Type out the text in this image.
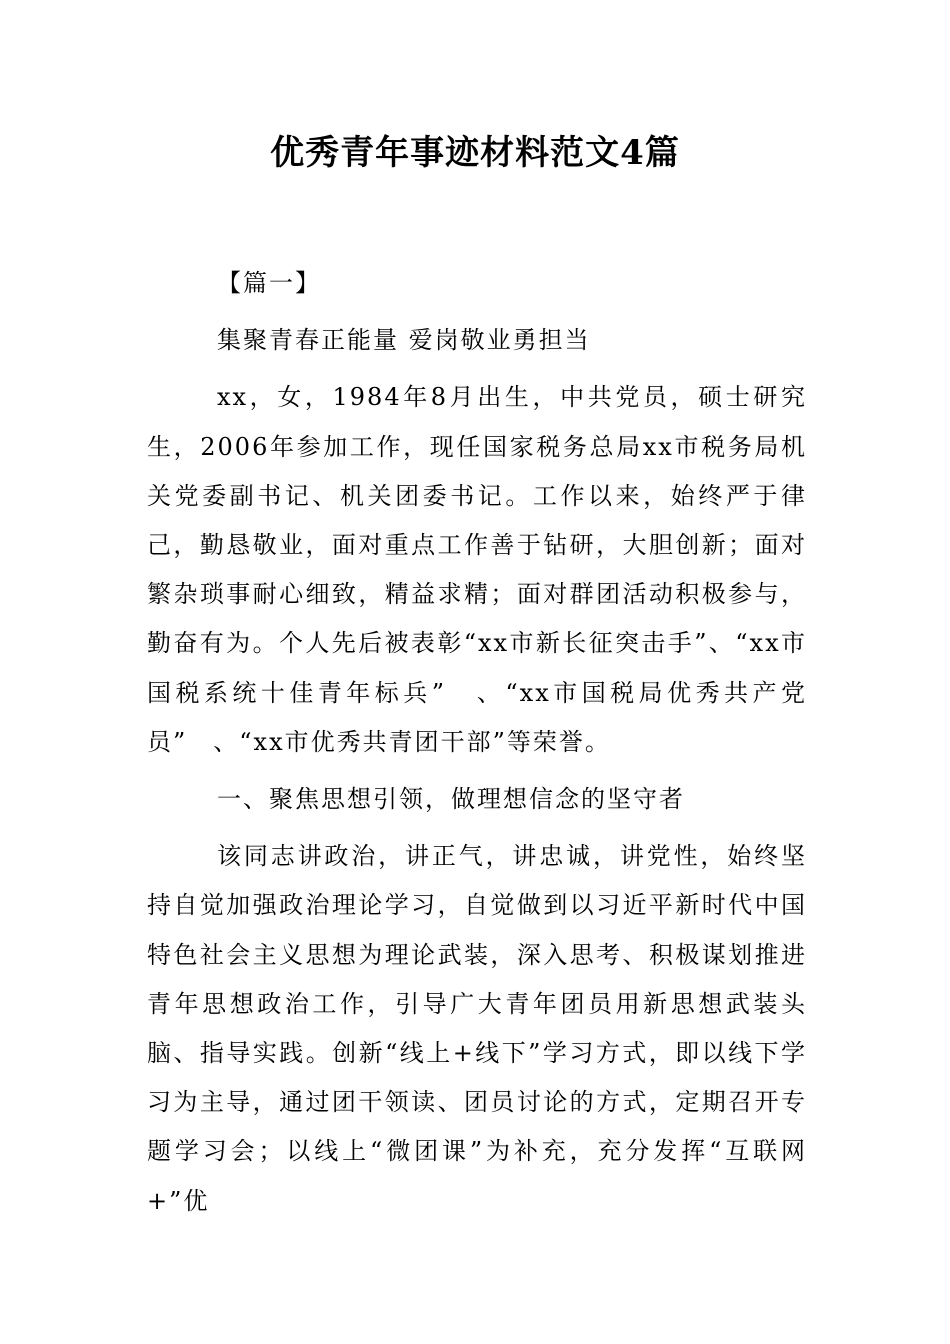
优秀青年事迹材料范文4篇

【篇一】

集聚青春正能量 爱岗敬业勇担当

xx，女，1984年8月出生，中共党员，硕士研究生，2006年参加工作，现任国家税务总局xx市税务局机关党委副书记、机关团委书记。工作以来，始终严于律己，勤恳敬业，面对重点工作善于钻研，大胆创新；面对繁杂琐事耐心细致，精益求精；面对群团活动积极参与，勤奋有为。个人先后被表彰“xx市新长征突击手”、“xx市国税系统十佳青年标兵”　、“xx市国税局优秀共产党员”　、“xx市优秀共青团干部”等荣誉。

一、聚焦思想引领，做理想信念的坚守者

该同志讲政治，讲正气，讲忠诚，讲党性，始终坚持自觉加强政治理论学习，自觉做到以习近平新时代中国特色社会主义思想为理论武装，深入思考、积极谋划推进青年思想政治工作，引导广大青年团员用新思想武装头脑、指导实践。创新“线上+线下”学习方式，即以线下学习为主导，通过团干领读、团员讨论的方式，定期召开专题学习会；以线上“微团课”为补充，充分发挥“互联网+”优
